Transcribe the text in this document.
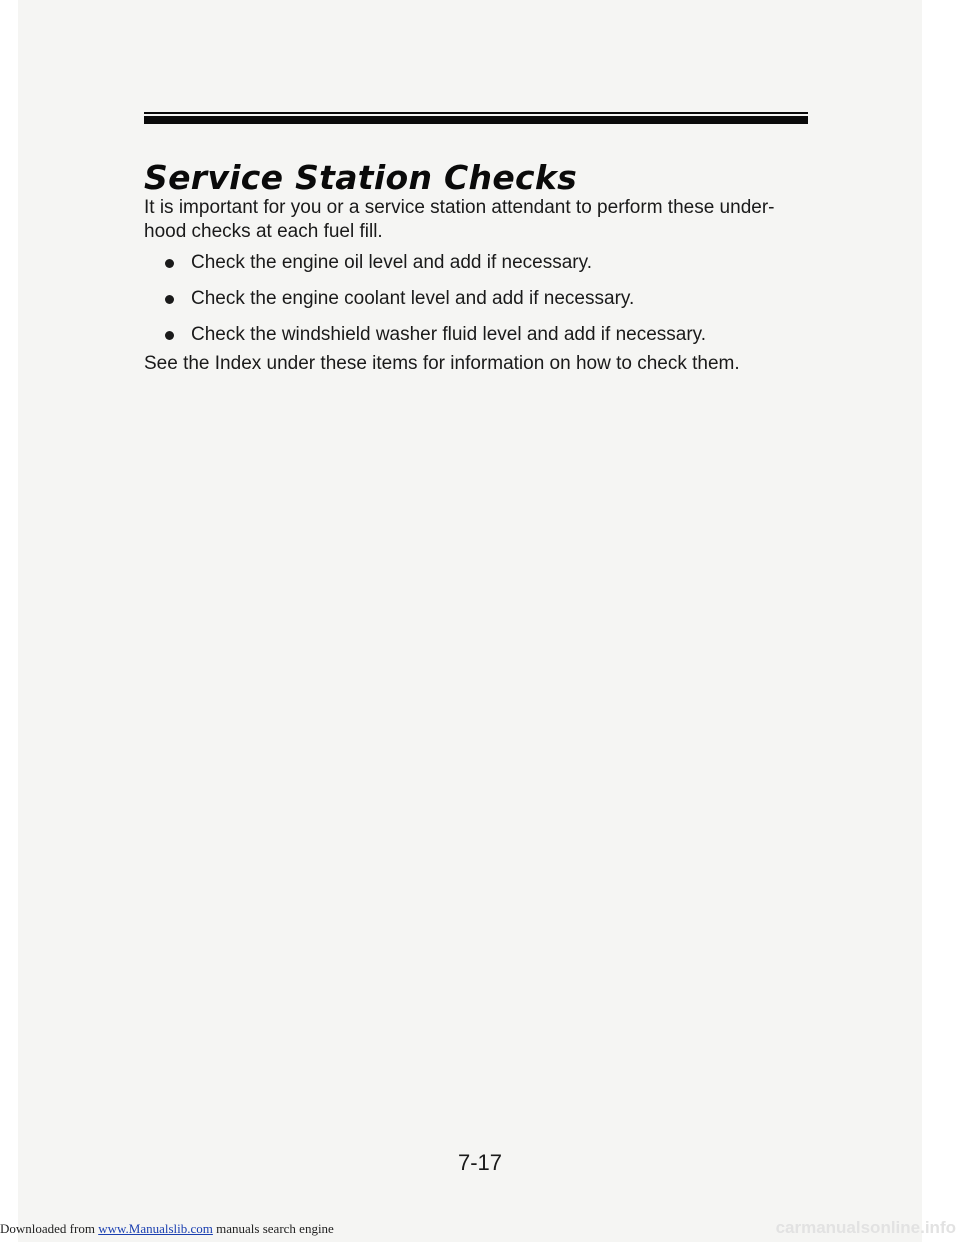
Service Station Checks

It is important for you or a service station attendant to perform these under-hood checks at each fuel fill.

Check the engine oil level and add if necessary.
Check the engine coolant level and add if necessary.
Check the windshield washer fluid level and add if necessary.

See the Index under these items for information on how to check them.

7-17
Downloaded from www.Manualslib.com manuals search engine	carmanualsonline.info
